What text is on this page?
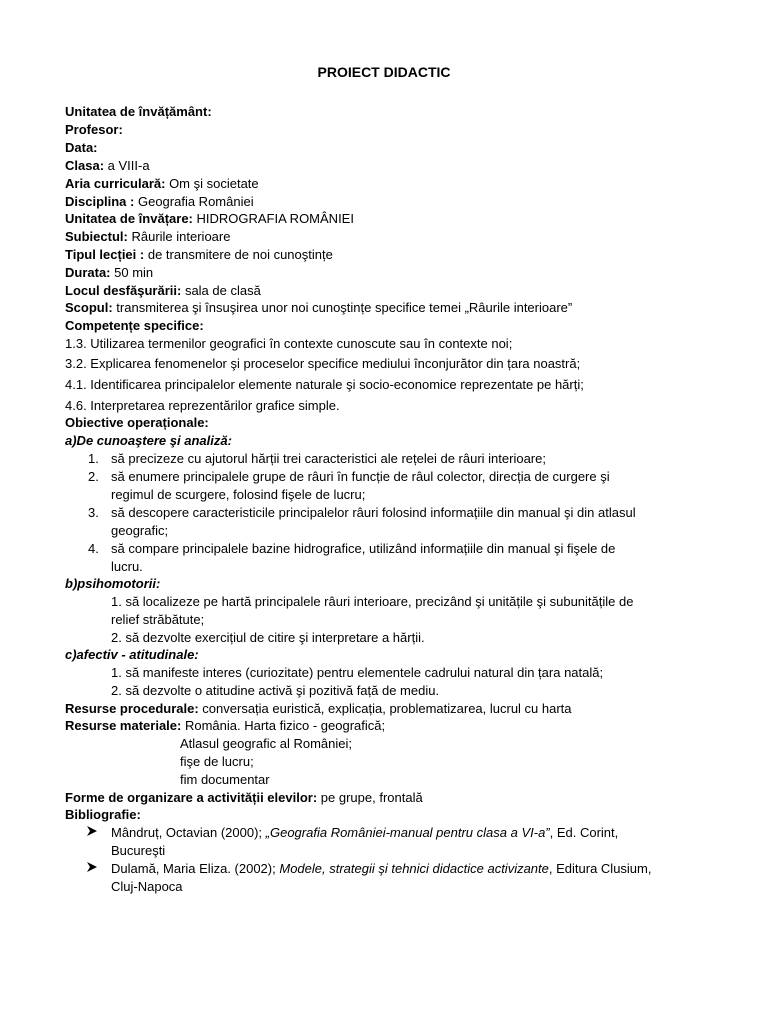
PROIECT DIDACTIC
Unitatea de învățământ:
Profesor:
Data:
Clasa: a VIII-a
Aria curriculară: Om şi societate
Disciplina : Geografia României
Unitatea de învățare: HIDROGRAFIA ROMÂNIEI
Subiectul: Râurile interioare
Tipul lecției : de transmitere de noi cunoştințe
Durata: 50 min
Locul desfăşurării: sala de clasă
Scopul: transmiterea şi însuşirea unor noi cunoştințe specifice temei „Râurile interioare”
Competențe specifice:
1.3. Utilizarea termenilor geografici în contexte cunoscute sau în contexte noi;
3.2. Explicarea fenomenelor şi proceselor specifice mediului înconjurător din țara noastră;
4.1. Identificarea principalelor elemente naturale şi socio-economice reprezentate pe hărți;
4.6. Interpretarea reprezentărilor grafice simple.
Obiective operaționale:
a)De cunoaştere şi analiză:
1. să precizeze cu ajutorul hărții trei caracteristici ale rețelei de râuri interioare;
2. să enumere principalele grupe de râuri în funcție de râul colector, direcția de curgere şi
regimul de scurgere, folosind fişele de lucru;
3. să descopere caracteristicile principalelor râuri folosind informațiile din manual şi din atlasul
geografic;
4. să compare principalele bazine hidrografice, utilizând informațiile din manual şi fişele de
lucru.
b)psihomotorii:
1. să localizeze pe hartă principalele râuri interioare, precizând şi unitățile şi subunitățile de
relief străbătute;
2. să dezvolte exercițiul de citire şi interpretare a hărții.
c)afectiv - atitudinale:
1. să manifeste interes (curiozitate) pentru elementele cadrului natural din țara natală;
2. să dezvolte o atitudine activă şi pozitivă față de mediu.
Resurse procedurale: conversația euristică, explicația, problematizarea, lucrul cu harta
Resurse materiale: România. Harta fizico - geografică;
Atlasul geografic al României;
fişe de lucru;
fim documentar
Forme de organizare a activității elevilor: pe grupe, frontală
Bibliografie:
Mândruț, Octavian (2000); „Geografia României-manual pentru clasa a VI-a”, Ed. Corint,
Bucureşti
Dulamă, Maria Eliza. (2002); Modele, strategii şi tehnici didactice activizante, Editura Clusium,
Cluj-Napoca
